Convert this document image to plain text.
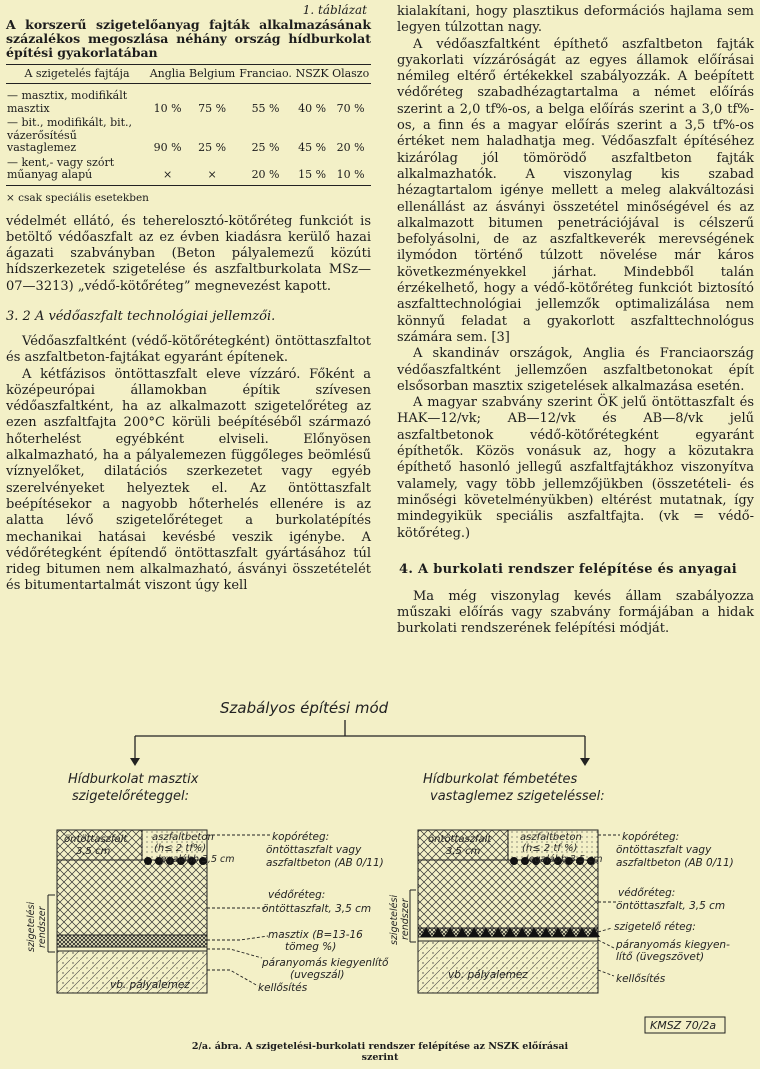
1. táblázat
A korszerű szigetelőanyag fajták alkalmazásának százalékos megoszlása néhány ország hídburkolat építési gyakorlatában
A szigetelés fajtája	Anglia	Belgium	Franciao.	NSZK	Olaszo
— masztix, modifikált masztix	10 %	75 %	55 %	40 %	70 %
— bit., modifikált, bit., vázerősítésű vastaglemez	90 %	25 %	25 %	45 %	20 %
— kent,- vagy szórt műanyag alapú	×	×	20 %	15 %	10 %
× csak speciális esetekben

védelmét ellátó, és teherelosztó-kötőréteg funkciót is betöltő védőaszfalt az ez évben kiadásra kerülő hazai ágazati szabványban (Beton pályalemezű közúti hídszerkezetek szigetelése és aszfaltburkolata MSz—07—3213) „védő-kötőréteg” megnevezést kapott.

3. 2 A védőaszfalt technológiai jellemzői.

Védőaszfaltként (védő-kötőrétegként) öntöttaszfaltot és aszfaltbeton-fajtákat egyaránt építenek.

A kétfázisos öntöttaszfalt eleve vízzáró. Főként a középeurópai államokban építik szívesen védőaszfaltként, ha az alkalmazott szigetelőréteg az ezen aszfaltfajta 200°C körüli beépítéséből származó hőterhelést egyébként elviseli. Előnyösen alkalmazható, ha a pályalemezen függőleges beömlésű víznyelőket, dilatációs szerkezetet vagy egyéb szerelvényeket helyeztek el. Az öntöttaszfalt beépítésekor a nagyobb hőterhelés ellenére is az alatta lévő szigetelőréteget a burkolatépítés mechanikai hatásai kevésbé veszik igénybe. A védőrétegként építendő öntöttaszfalt gyártásához túl rideg bitumen nem alkalmazható, ásványi összetételét és bitumentartalmát viszont úgy kell

kialakítani, hogy plasztikus deformációs hajlama sem legyen túlzottan nagy.

A védőaszfaltként építhető aszfaltbeton fajták gyakorlati vízzáróságát az egyes államok előírásai némileg eltérő értékekkel szabályozzák. A beépített védőréteg szabadhézagtartalma a német előírás szerint a 2,0 tf%-os, a belga előírás szerint a 3,0 tf%-os, a finn és a magyar előírás szerint a 3,5 tf%-os értéket nem haladhatja meg. Védőaszfalt építéséhez kizárólag jól tömörödő aszfaltbeton fajták alkalmazhatók. A viszonylag kis szabad hézagtartalom igénye mellett a meleg alakváltozási ellenállást az ásványi összetétel minőségével és az alkalmazott bitumen penetrációjával is célszerű befolyásolni, de az aszfaltkeverék merevségének ilymódon történő túlzott növelése már káros következményekkel járhat. Mindebből talán érzékelhető, hogy a védő-kötőréteg funkciót biztosító aszfalttechnológiai jellemzők optimalizálása nem könnyű feladat a gyakorlott aszfalttechnológus számára sem. [3]

A skandináv országok, Anglia és Franciaország védőaszfaltként jellemzően aszfaltbetonokat épít elsősorban masztix szigetelések alkalmazása esetén.

A magyar szabvány szerint ÖK jelű öntöttaszfalt és HAK—12/vk; AB—12/vk és AB—8/vk jelű aszfaltbetonok védő-kötőrétegként egyaránt építhetők. Közös vonásuk az, hogy a közutakra építhető hasonló jellegű aszfaltfajtákhoz viszonyítva valamely, vagy több jellemzőjükben (összetételi- és minőségi követelményükben) eltérést mutatnak, így mindegyikük speciális aszfaltfajta. (vk = védő-kötőréteg.)

4. A burkolati rendszer felépítése és anyagai

Ma még viszonylag kevés állam szabályozza műszaki előírás vagy szabvány formájában a hidak burkolati rendszerének felépítési módját.

Szabályos építési mód
Hídburkolat masztix
szigetelőréteggel:
öntöttaszfalt
3,5 cm
aszfaltbeton
(h≤ 2 tf%)
legalább 3,5 cm
vb. pályalemez
szigetelési rendszer
kopóréteg:
öntöttaszfalt vagy
aszfaltbeton (AB 0/11)
védőréteg:
öntöttaszfalt, 3,5 cm
masztix (B=13-16
tömeg %)
páranyomás kiegyenlítő
(uvegszál)
kellősítés
Hídburkolat fémbetétes
vastaglemez szigeteléssel:
öntöttaszfalt
3,5 cm
aszfaltbeton
(h≤ 2 tf %)
legalább 3,5 cm
vb. pályalemez
szigetelési rendszer
kopóréteg:
öntöttaszfalt vagy
aszfaltbeton (AB 0/11)
védőréteg:
öntöttaszfalt, 3,5 cm
szigetelő réteg:
páranyomás kiegyen-
lítő (üvegszövet)
kellősítés
KMSZ 70/2a
2/a. ábra. A szigetelési-burkolati rendszer felépítése az NSZK előírásai
szerint
